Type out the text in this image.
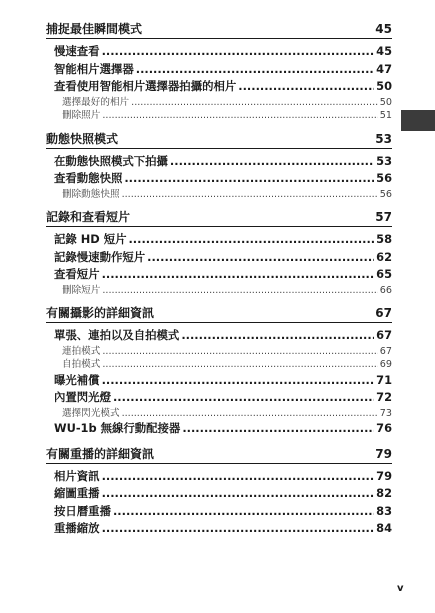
捕捉最佳瞬間模式	45
慢速查看 .....	45
智能相片選擇器 .....	47
查看使用智能相片選擇器拍攝的相片 .....	50
選擇最好的相片 .....	50
刪除照片 .....	51
動態快照模式	53
在動態快照模式下拍攝 .....	53
查看動態快照 .....	56
刪除動態快照 .....	56
記錄和查看短片	57
記錄 HD 短片 .....	58
記錄慢速動作短片 .....	62
查看短片 .....	65
刪除短片 .....	66
有關攝影的詳細資訊	67
單張、連拍以及自拍模式 .....	67
連拍模式 .....	67
自拍模式 .....	69
曝光補償 .....	71
內置閃光燈 .....	72
選擇閃光模式 .....	73
WU-1b 無線行動配接器 .....	76
有關重播的詳細資訊	79
相片資訊 .....	79
縮圖重播 .....	82
按日曆重播 .....	83
重播縮放 .....	84
v
